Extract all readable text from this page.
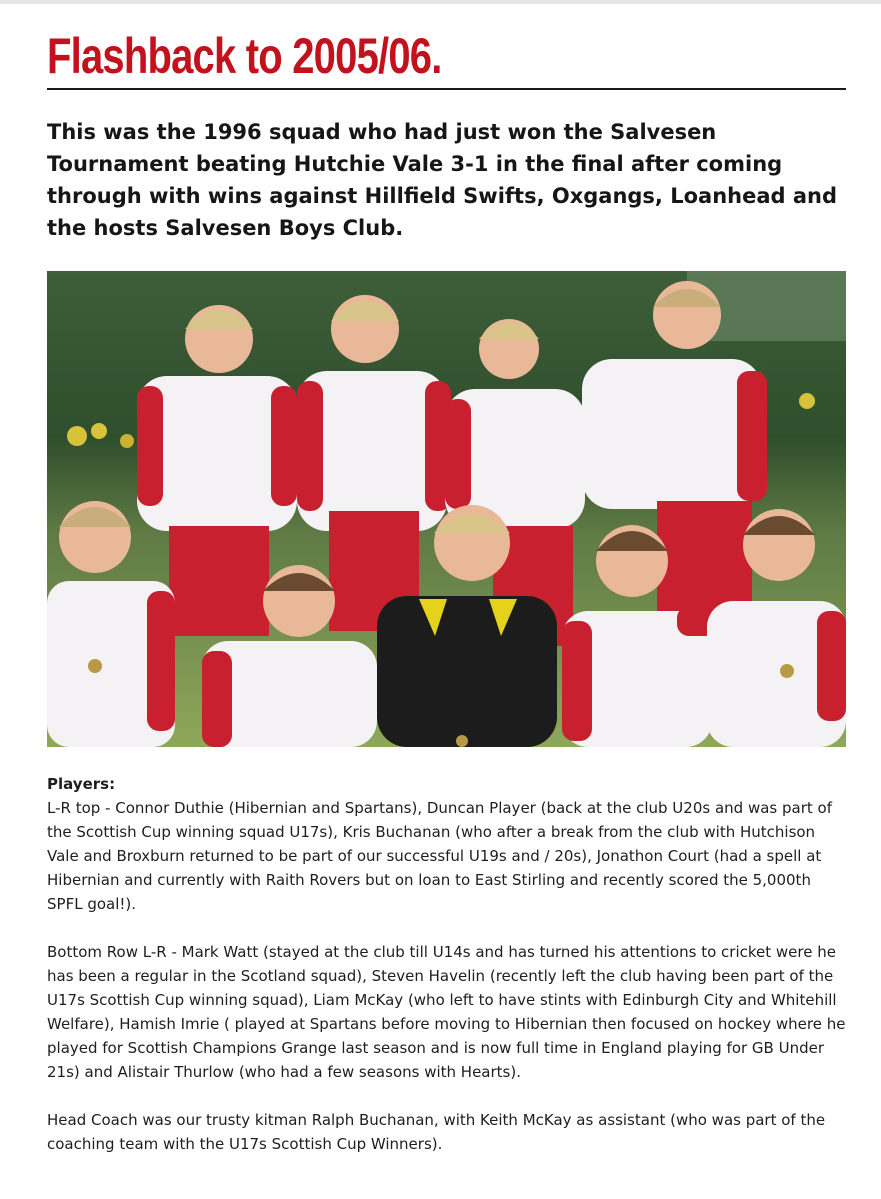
Flashback to 2005/06.

This was the 1996 squad who had just won the Salvesen Tournament beating Hutchie Vale 3-1 in the final after coming through with wins against Hillfield Swifts, Oxgangs, Loanhead and the hosts Salvesen Boys Club.

Players:
L-R top - Connor Duthie (Hibernian and Spartans), Duncan Player (back at the club U20s and was part of the Scottish Cup winning squad U17s), Kris Buchanan (who after a break from the club with Hutchison Vale and Broxburn returned to be part of our successful U19s and / 20s), Jonathon Court (had a spell at Hibernian and currently with Raith Rovers but on loan to East Stirling and recently scored the 5,000th SPFL goal!).

Bottom Row L-R - Mark Watt (stayed at the club till U14s and has turned his attentions to cricket were he has been a regular in the Scotland squad), Steven Havelin (recently left the club having been part of the U17s Scottish Cup winning squad), Liam McKay (who left to have stints with Edinburgh City and Whitehill Welfare), Hamish Imrie ( played at Spartans before moving to Hibernian then focused on hockey where he played for Scottish Champions Grange last season and is now full time in England playing for GB Under 21s) and Alistair Thurlow (who had a few seasons with Hearts).

Head Coach was our trusty kitman Ralph Buchanan, with Keith McKay as assistant (who was part of the coaching team with the U17s Scottish Cup Winners).
